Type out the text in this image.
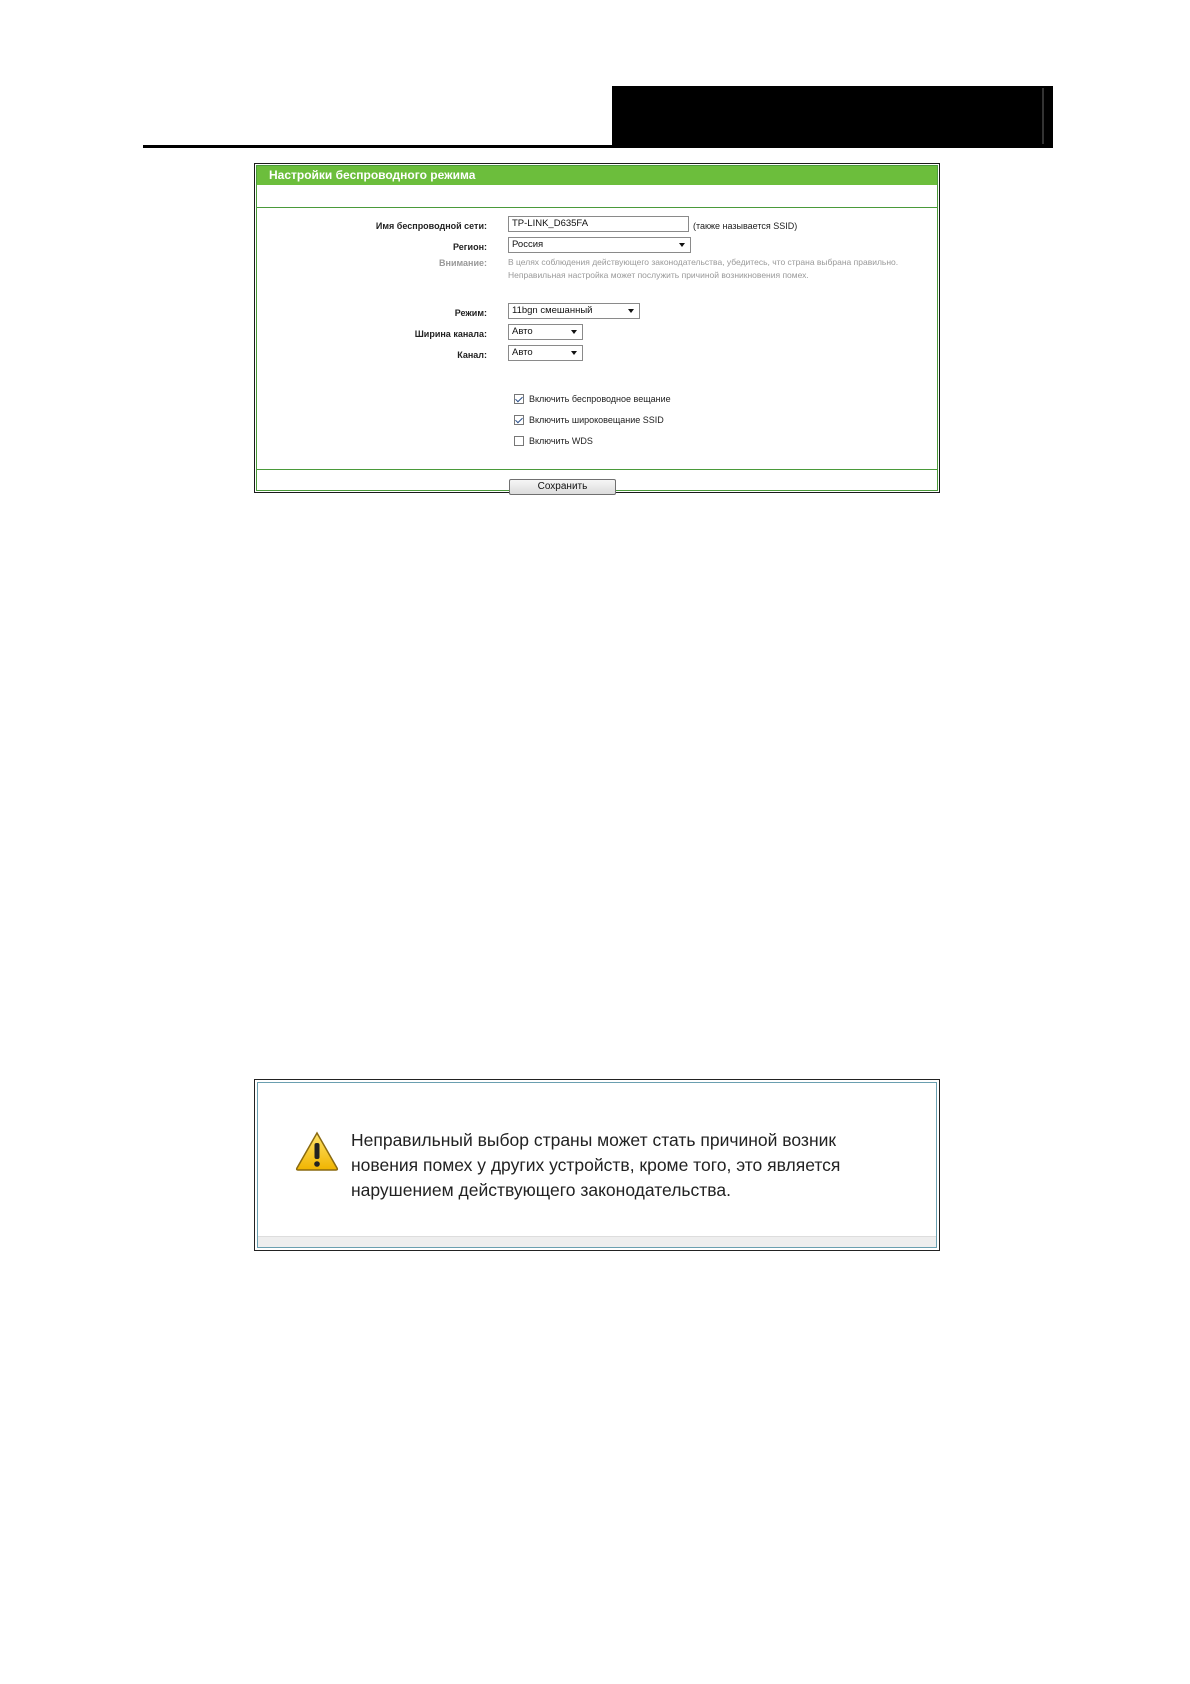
Настройки беспроводного режима
Имя беспроводной сети:	TP-LINK_D635FA	(также называется SSID)
Регион:	Россия
Внимание: В целях соблюдения действующего законодательства, убедитесь, что страна выбрана правильно.
Неправильная настройка может послужить причиной возникновения помех.
Режим:	11bgn смешанный
Ширина канала:	Авто
Канал:	Авто
Включить беспроводное вещание
Включить широковещание SSID
Включить WDS
Сохранить
Неправильный выбор страны может стать причиной возник
новения помех у других устройств, кроме того, это является
нарушением действующего законодательства.
